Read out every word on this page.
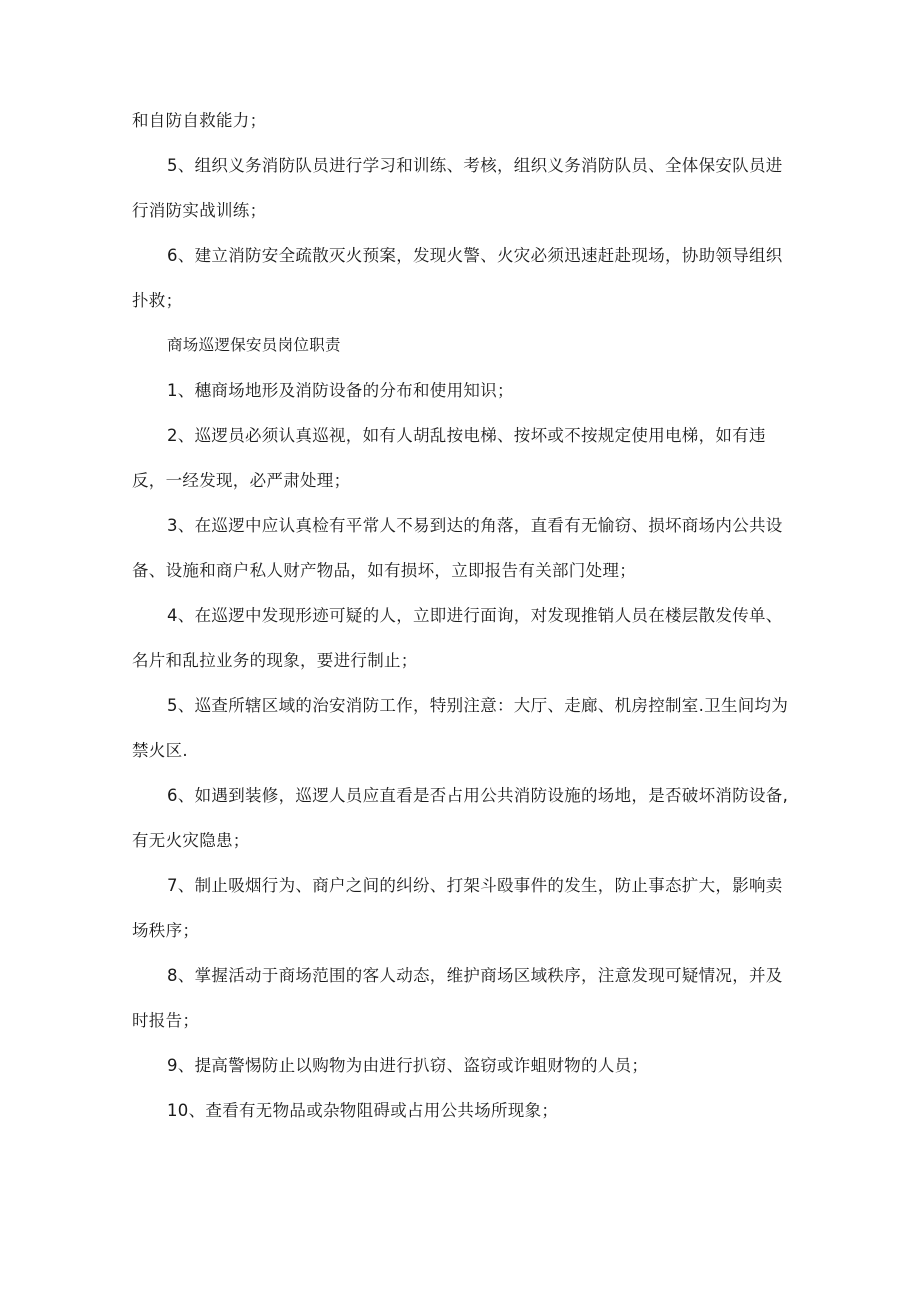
和自防自救能力；

5、组织义务消防队员进行学习和训练、考核，组织义务消防队员、全体保安队员进行消防实战训练；

6、建立消防安全疏散灭火预案，发现火警、火灾必须迅速赶赴现场，协助领导组织扑救；

商场巡逻保安员岗位职责

1、穗商场地形及消防设备的分布和使用知识；

2、巡逻员必须认真巡视，如有人胡乱按电梯、按坏或不按规定使用电梯，如有违反，一经发现，必严肃处理；

3、在巡逻中应认真检有平常人不易到达的角落，直看有无愉窃、损坏商场内公共设备、设施和商户私人财产物品，如有损坏，立即报告有关部门处理；

4、在巡逻中发现形迹可疑的人，立即进行面询，对发现推销人员在楼层散发传单、名片和乱拉业务的现象，要进行制止；

5、巡查所辖区域的治安消防工作，特别注意：大厅、走廊、机房控制室.卫生间均为禁火区.

6、如遇到装修，巡逻人员应直看是否占用公共消防设施的场地，是否破坏消防设备,有无火灾隐患；

7、制止吸烟行为、商户之间的纠纷、打架斗殴事件的发生，防止事态扩大，影响卖场秩序；

8、掌握活动于商场范围的客人动态，维护商场区域秩序，注意发现可疑情况，并及时报告；

9、提高警惕防止以购物为由进行扒窃、盗窃或诈蛆财物的人员；

10、查看有无物品或杂物阻碍或占用公共场所现象；
